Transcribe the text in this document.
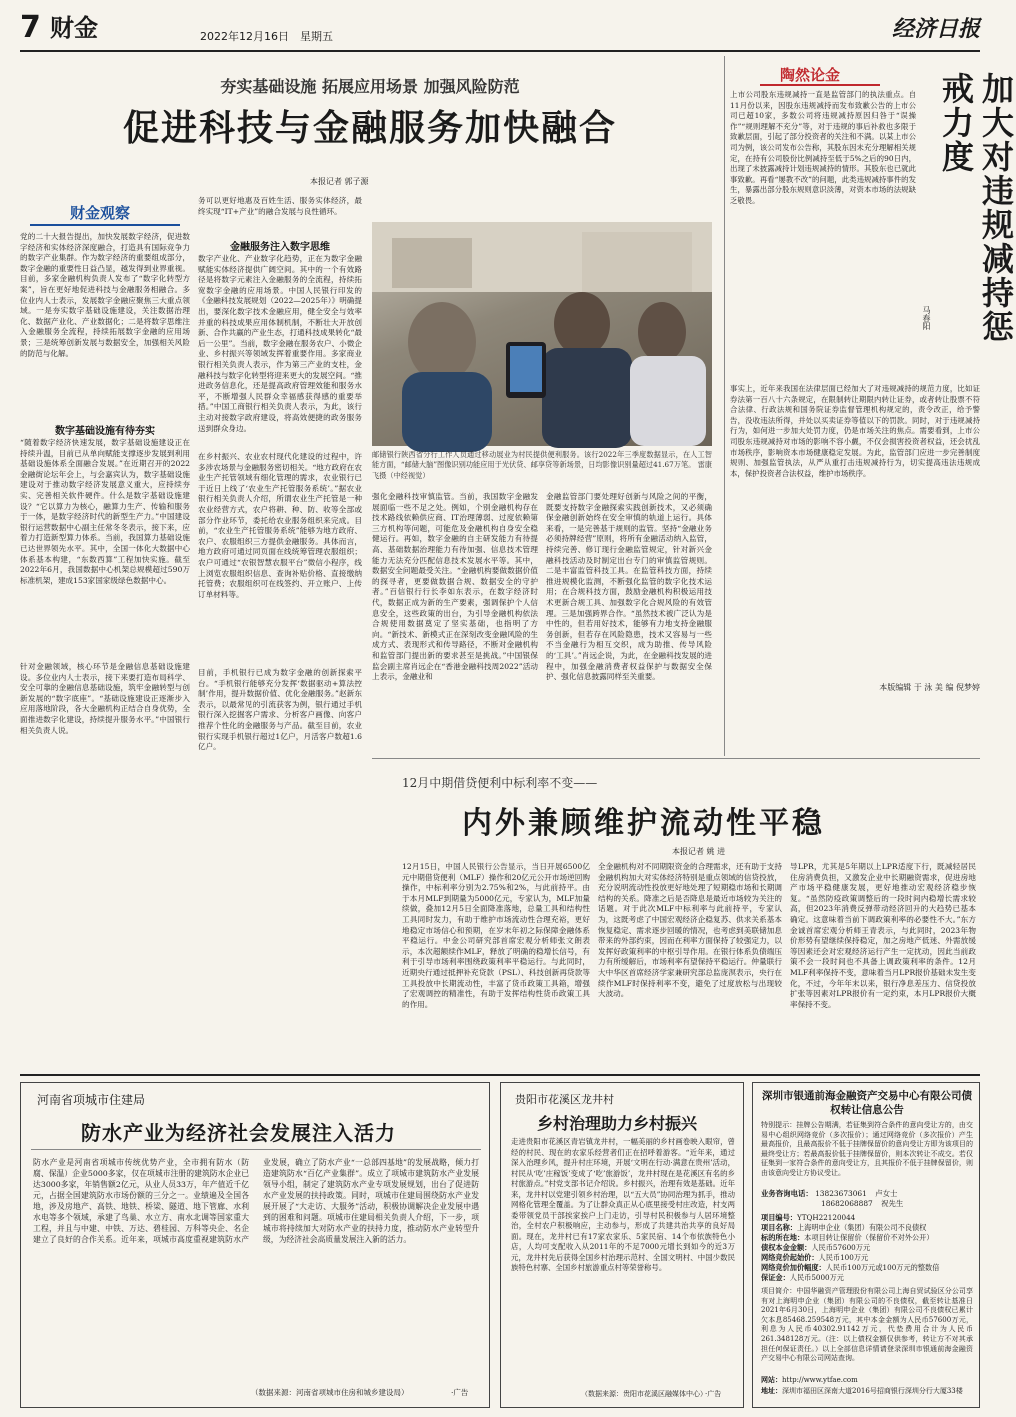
7 财金	2022年12月16日 星期五	经济日报
夯实基础设施 拓展应用场景 加强风险防范
促进科技与金融服务加快融合
本报记者 郭子源
财金观察
党的二十大报告提出，加快发展数字经济，促进数字经济和实体经济深度融合，打造具有国际竞争力的数字产业集群。作为数字经济的重要组成部分，数字金融的重要性日益凸显，越发得到业界重视。目前，多家金融机构负责人发布了“数字化转型方案”，旨在更好地促进科技与金融服务相融合。多位业内人士表示，发展数字金融应聚焦三大重点领域。一是夯实数字基础设施建设，关注数据治理化、数据产业化、产业数据化；二是将数字思维注入金融服务全流程，持续拓展数字金融的应用场景；三是统筹创新发展与数据安全，加强相关风险的防范与化解。
数字基础设施有待夯实
“随着数字经济快速发展，数字基础设施建设正在持续升温，目前已从单向赋能支撑逐步发展到利用基础设施体系全面融合发展。”在近期召开的2022金融街论坛年会上，与会嘉宾认为，数字基础设施建设对于推动数字经济发展意义重大，应持续夯实、完善相关软件硬件。什么是数字基础设施建设？“它以算力为核心，融算力生产、传输和服务于一体，是数字经济时代的新型生产力。”中国建设银行运营数据中心副主任常冬冬表示，接下来，应着力打造新型算力体系。当前，我国算力基础设施已达世界领先水平。其中，全国一体化大数据中心体系基本构建，“东数西算”工程加快实施。截至2022年6月，我国数据中心机架总规模超过590万标准机架，建成153家国家级绿色数据中心。
针对金融领域，核心环节是金融信息基础设施建设。多位业内人士表示，接下来要打造布局科学、安全可靠的金融信息基础设施，筑牢金融转型与创新发展的“数字底座”。“基础设施建设正逐渐步入应用落地阶段，各大金融机构正结合自身优势，全面推进数字化建设，持续提升服务水平。”中国银行相关负责人说。
务可以更好地惠及百姓生活、服务实体经济，最终实现“IT+产业”的融合发展与良性循环。
金融服务注入数字思维
数字产业化、产业数字化趋势，正在为数字金融赋能实体经济提供广阔空间。其中的一个有效路径是将数字元素注入金融服务的全流程，持续拓宽数字金融的应用场景。中国人民银行印发的《金融科技发展规划（2022—2025年）》明确提出，要深化数字技术金融应用，健全安全与效率并重的科技成果应用体制机制，不断壮大开放创新、合作共赢的产业生态，打通科技成果转化“最后一公里”。当前，数字金融在服务农户、小微企业、乡村振兴等领域发挥着重要作用。多家商业银行相关负责人表示，作为第三产业的支柱，金融科技与数字化转型将迎来更大的发展空间。“推进政务信息化，还是提高政府管理效能和服务水平，不断增强人民群众幸福感获得感的重要举措。”中国工商银行相关负责人表示，为此，该行主动对接数字政府建设，将高效便捷的政务服务送到群众身边。
在乡村振兴、农业农村现代化建设的过程中，许多涉农场景与金融服务密切相关。“地方政府在农业生产托管领域有细化管理的需求，农业银行已于近日上线了‘农业生产托管服务系统’。”据农业银行相关负责人介绍，所谓农业生产托管是一种农业经营方式，农户将耕、种、防、收等全部或部分作业环节，委托给农业服务组织来完成。目前，“农业生产托管服务系统”能够为地方政府、农户、农服组织三方提供金融服务。具体而言，地方政府可通过同页面在线统筹管理农服组织；农户可通过“农银智慧农服平台”微信小程序，线上浏览农服组织信息、查询补贴价格、直接缴纳托管费；农服组织可在线签约、开立账户、上传订单材料等。
目前，手机银行已成为数字金融的创新探索平台。“手机银行能够充分发挥‘数据驱动+算法控制’作用，提升数据价值、优化金融服务。”赵新东表示，以最常见的引流获客为例，银行通过手机银行深入挖掘客户需求、分析客户画像、向客户推荐个性化的金融服务与产品。截至目前，农业银行实现手机银行超过1亿户，月活客户数超1.6亿户。
邮储银行陕西省分行工作人员通过移动展业为村民提供便利服务。该行2022年三季度数据显示，在人工智能方面，“邮储大脑”图像识别功能应用于光伏贷、邮享贷等新场景，日均影像识别量超过41.67万笔。 雷康飞摄（中经视觉）
强化金融科技审慎监管。当前，我国数字金融发展面临一些不足之处。例如，个别金融机构存在技术路线依赖供应商、IT治理薄弱、过度依赖第三方机构等问题，可能危及金融机构自身安全稳健运行。再如，数字金融的自主研发能力有待提高、基础数据治理能力有待加强、信息技术管理能力无法充分匹配信息技术发展水平等。其中，数据安全问题最受关注。“金融机构要做数据价值的探寻者，更要做数据合规、数据安全的守护者。”百信银行行长李如东表示，在数字经济时代，数据正成为新的生产要素，强调保护个人信息安全，这些政策的出台，为引导金融机构依法合规使用数据奠定了坚实基础，也指明了方向。“新技术、新模式正在深刻改变金融风险的生成方式、表现形式和传导路径，不断对金融机构和监管部门提出新的要求甚至是挑战。”中国银保监会副主席肖远企在“香港金融科技周2022”活动上表示，金融业和
金融监管部门要处理好创新与风险之间的平衡，既要支持数字金融探索实践创新技术，又必须确保金融创新始终在安全审慎的轨道上运行。具体来看，一是完善基于规则的监管。坚持“金融业务必须持牌经营”原则，将所有金融活动纳入监管，持续完善、修订现行金融监管规定，针对新兴金融科技活动及时制定出台专门的审慎监管规则。二是丰富监管科技工具。在监管科技方面，持续推进规模化监测，不断强化监管的数字化技术运用；在合规科技方面，鼓励金融机构积极运用技术更新合规工具、加强数字化合规风险的有效管理。三是加强跨界合作。“虽然技术被广泛认为是中性的，但若用好技术，能够有力地支持金融服务创新，但若存在风险隐患，技术又容易与一些不当金融行为相互交织，成为助推、传导风险的‘工具’。”肖远企说，为此，在金融科技发展的进程中，加强金融消费者权益保护与数据安全保护、强化信息披露同样至关重要。
陶然论金
上市公司股东违规减持一直是监管部门的执法重点。自11月份以来，因股东违规减持而发布致歉公告的上市公司已超10家，多数公司将违规减持原因归咎于“误操作”“规则理解不充分”等，对于违规的事后补救也多限于致歉层面，引起了部分投资者的关注和不满。以某上市公司为例，该公司发布公告称，其股东因未充分理解相关规定，在持有公司股份比例减持至低于5%之后的90日内，出现了未披露减持计划违规减持的情形。其股东也已就此事致歉。再看“屡教不改”的问题，此类违规减持事件的发生，暴露出部分股东规则意识淡薄，对资本市场的法规缺乏敬畏。
事实上，近年来我国在法律层面已经加大了对违规减持的规范力度，比如证券法第一百八十六条规定，在限制转让期限内转让证券，或者转让股票不符合法律、行政法规和国务院证券监督管理机构规定的，责令改正，给予警告，没收违法所得，并处以买卖证券等值以下的罚款。同时，对于违规减持行为，如何进一步加大处罚力度，仍是市场关注的焦点。需要看到，上市公司股东违规减持对市场的影响不容小觑，不仅会损害投资者权益，还会扰乱市场秩序，影响资本市场健康稳定发展。为此，监管部门应进一步完善制度规则、加强监管执法，从严从重打击违规减持行为，切实提高违法违规成本，保护投资者合法权益，维护市场秩序。
加大对违规减持惩戒力度
马春阳
本版编辑 于 泳 美 编 倪梦婷
12月中期借贷便利中标利率不变——
内外兼顾维护流动性平稳
本报记者 姚 进
12月15日，中国人民银行公告显示，当日开展6500亿元中期借贷便利（MLF）操作和20亿元公开市场逆回购操作，中标利率分别为2.75%和2%，与此前持平。由于本月MLF到期量为5000亿元，专家认为，MLF加量续做，叠加12月5日全面降准落地，总量工具和结构性工具同时发力，有助于维护市场流动性合理充裕，更好地稳定市场信心和预期，在岁末年初之际保障金融体系平稳运行。中金公司研究部首席宏观分析师张文朗表示，本次超额续作MLF，释放了明确的稳增长信号，有利于引导市场利率围绕政策利率平稳运行。与此同时，近期央行通过抵押补充贷款（PSL）、科技创新再贷款等工具投放中长期流动性，丰富了货币政策工具箱，增强了宏观调控的精准性，有助于发挥结构性货币政策工具的作用。
全金融机构对不同期限资金的合理需求，还有助于支持金融机构加大对实体经济特别是重点领域的信贷投放，充分说明流动性投放更好地处理了短期稳市场和长期调结构的关系。降准之后是否降息是最近市场较为关注的话题。对于此次MLF中标利率与此前持平，专家认为，这既考虑了中国宏观经济企稳复苏、供求关系基本恢复稳定、需求逐步回暖的情况，也考虑到美联储加息带来的外部约束，因而在利率方面保持了较强定力，以发挥好政策利率的中枢引导作用。在银行体系负债端压力有所缓解后，市场利率有望保持平稳运行。仲量联行大中华区首席经济学家兼研究部总监庞溟表示，央行在续作MLF时保持利率不变，避免了过度放松与出现较大波动。
导LPR，尤其是5年期以上LPR适度下行，既减轻居民住房消费负担，又激发企业中长期融资需求，促进房地产市场平稳健康发展，更好地推动宏观经济稳步恢复。“虽然防疫政策调整后的一段时间内稳增长需求较高，但2023年消费反弹带动经济回升的大趋势已基本确定。这意味着当前下调政策利率的必要性不大。”东方金诚首席宏观分析师王青表示，与此同时，2023年物价形势有望继续保持稳定，加之房地产低迷、外需放缓等因素还会对宏观经济运行产生一定扰动，因此当前政策不会一段时间也不具备上调政策利率的条件。12月MLF利率保持不变，意味着当月LPR报价基础未发生变化，不过，今年年末以来，银行净息差压力、信贷投放扩张等因素对LPR报价有一定约束，本月LPR报价大概率保持不变。
河南省项城市住建局
防水产业为经济社会发展注入活力
防水产业是河南省项城市传统优势产业，全市拥有防水（防腐、保温）企业5000多家，仅在项城市注册的建筑防水企业已达3000多家，年销售额2亿元，从业人员33万，年产值近千亿元，占据全国建筑防水市场份额的三分之一。业绩遍及全国各地，涉及房地产、高铁、地铁、桥梁、隧道、地下管廊、水利水电等多个领域，承建了鸟巢、水立方、南水北调等国家重大工程，并且与中建、中铁、万达、碧桂园、万科等央企、名企建立了良好的合作关系。近年来，项城市高度重视建筑防水产业发展，确立了防水产业“一总部四基地”的发展战略，倾力打造建筑防水“百亿产业集群”。成立了项城市建筑防水产业发展领导小组，制定了建筑防水产业专项发展规划，出台了促进防水产业发展的扶持政策。同时，项城市住建局围绕防水产业发展开展了“大走访、大服务”活动，积极协调解决企业发展中遇到的困难和问题。项城市住建局相关负责人介绍，下一步，项城市将持续加大对防水产业的扶持力度，推动防水产业转型升级，为经济社会高质量发展注入新的活力。
（数据来源：河南省项城市住房和城乡建设局）	·广告
贵阳市花溪区龙井村
乡村治理助力乡村振兴
走进贵阳市花溪区青岩镇龙井村，一幅美丽的乡村画卷映入眼帘，曾经的村民、现在的农家乐经营者们正在招呼着游客。“近年来，通过深入治理乡风，提升村庄环境，开展‘文明在行动·满意在贵州’活动，村民从‘吃’庄稼饭’变成了‘吃’旅游饭’，龙井村现在是花溪区有名的乡村旅游点。”村党支部书记介绍说。乡村振兴，治理有效是基础。近年来，龙井村以党建引领乡村治理，以“五大员”协同治理为抓手，推动网格化管理全覆盖。为了让群众真正从心底里接受村庄改造，村支两委带领党员干部挨家挨户上门走访，引导村民积极参与人居环境整治，全村农户积极响应，主动参与，形成了共建共治共享的良好局面。现在，龙井村已有17家农家乐、5家民宿、14个布依族特色小店，人均可支配收入从2011年的不足7000元增长到如今的近3万元，龙井村先后获得全国乡村治理示范村、全国文明村、中国少数民族特色村寨、全国乡村旅游重点村等荣誉称号。
（数据来源：贵阳市花溪区融媒体中心）
·广告
深圳市银通前海金融资产交易中心有限公司债权转让信息公告
特别提示：挂牌公告期满，若征集到符合条件的意向受让方的，由交易中心组织网络竞价（多次报价）；通过网络竞价（多次报价）产生最高报价，且最高报价不低于挂牌保留价的意向受让方即为该项目的最终受让方；若最高报价低于挂牌保留价，则本次转让不成交。若仅征集到一家符合条件的意向受让方，且其报价不低于挂牌保留价，则由该意向受让方协议受让。
业务咨询电话： 13823673061 卢女士
18682068887 祝先生
项目编号：YTQH22120044
项目名称：上海明申企业（集团）有限公司不良债权
标的所在地：本项目转让保留价（保留价不对外公开）
债权本金金额：人民币57600万元
网络竞价起始价：人民币100万元
网络竞价加价幅度：人民币100万元或100万元的整数倍
保证金：人民币5000万元
项目简介：中国华融资产管理股份有限公司上海自贸试验区分公司享有对上海明申企业（集团）有限公司的不良债权，截至转让基准日2021年6月30日，上海明申企业（集团）有限公司不良债权已累计欠本息85468.259548万元，其中本金金额为人民币57600万元，利息为人民币40302.91142万元，代垫费用合计为人民币261.348128万元。（注：以上债权金额仅供参考，转让方不对其承担任何保证责任。）以上全部信息详情请登录深圳市银通前海金融资产交易中心有限公司网站查询。
网站：http://www.ytfae.com
地址：深圳市福田区深南大道2016号招商银行深圳分行大厦33楼
